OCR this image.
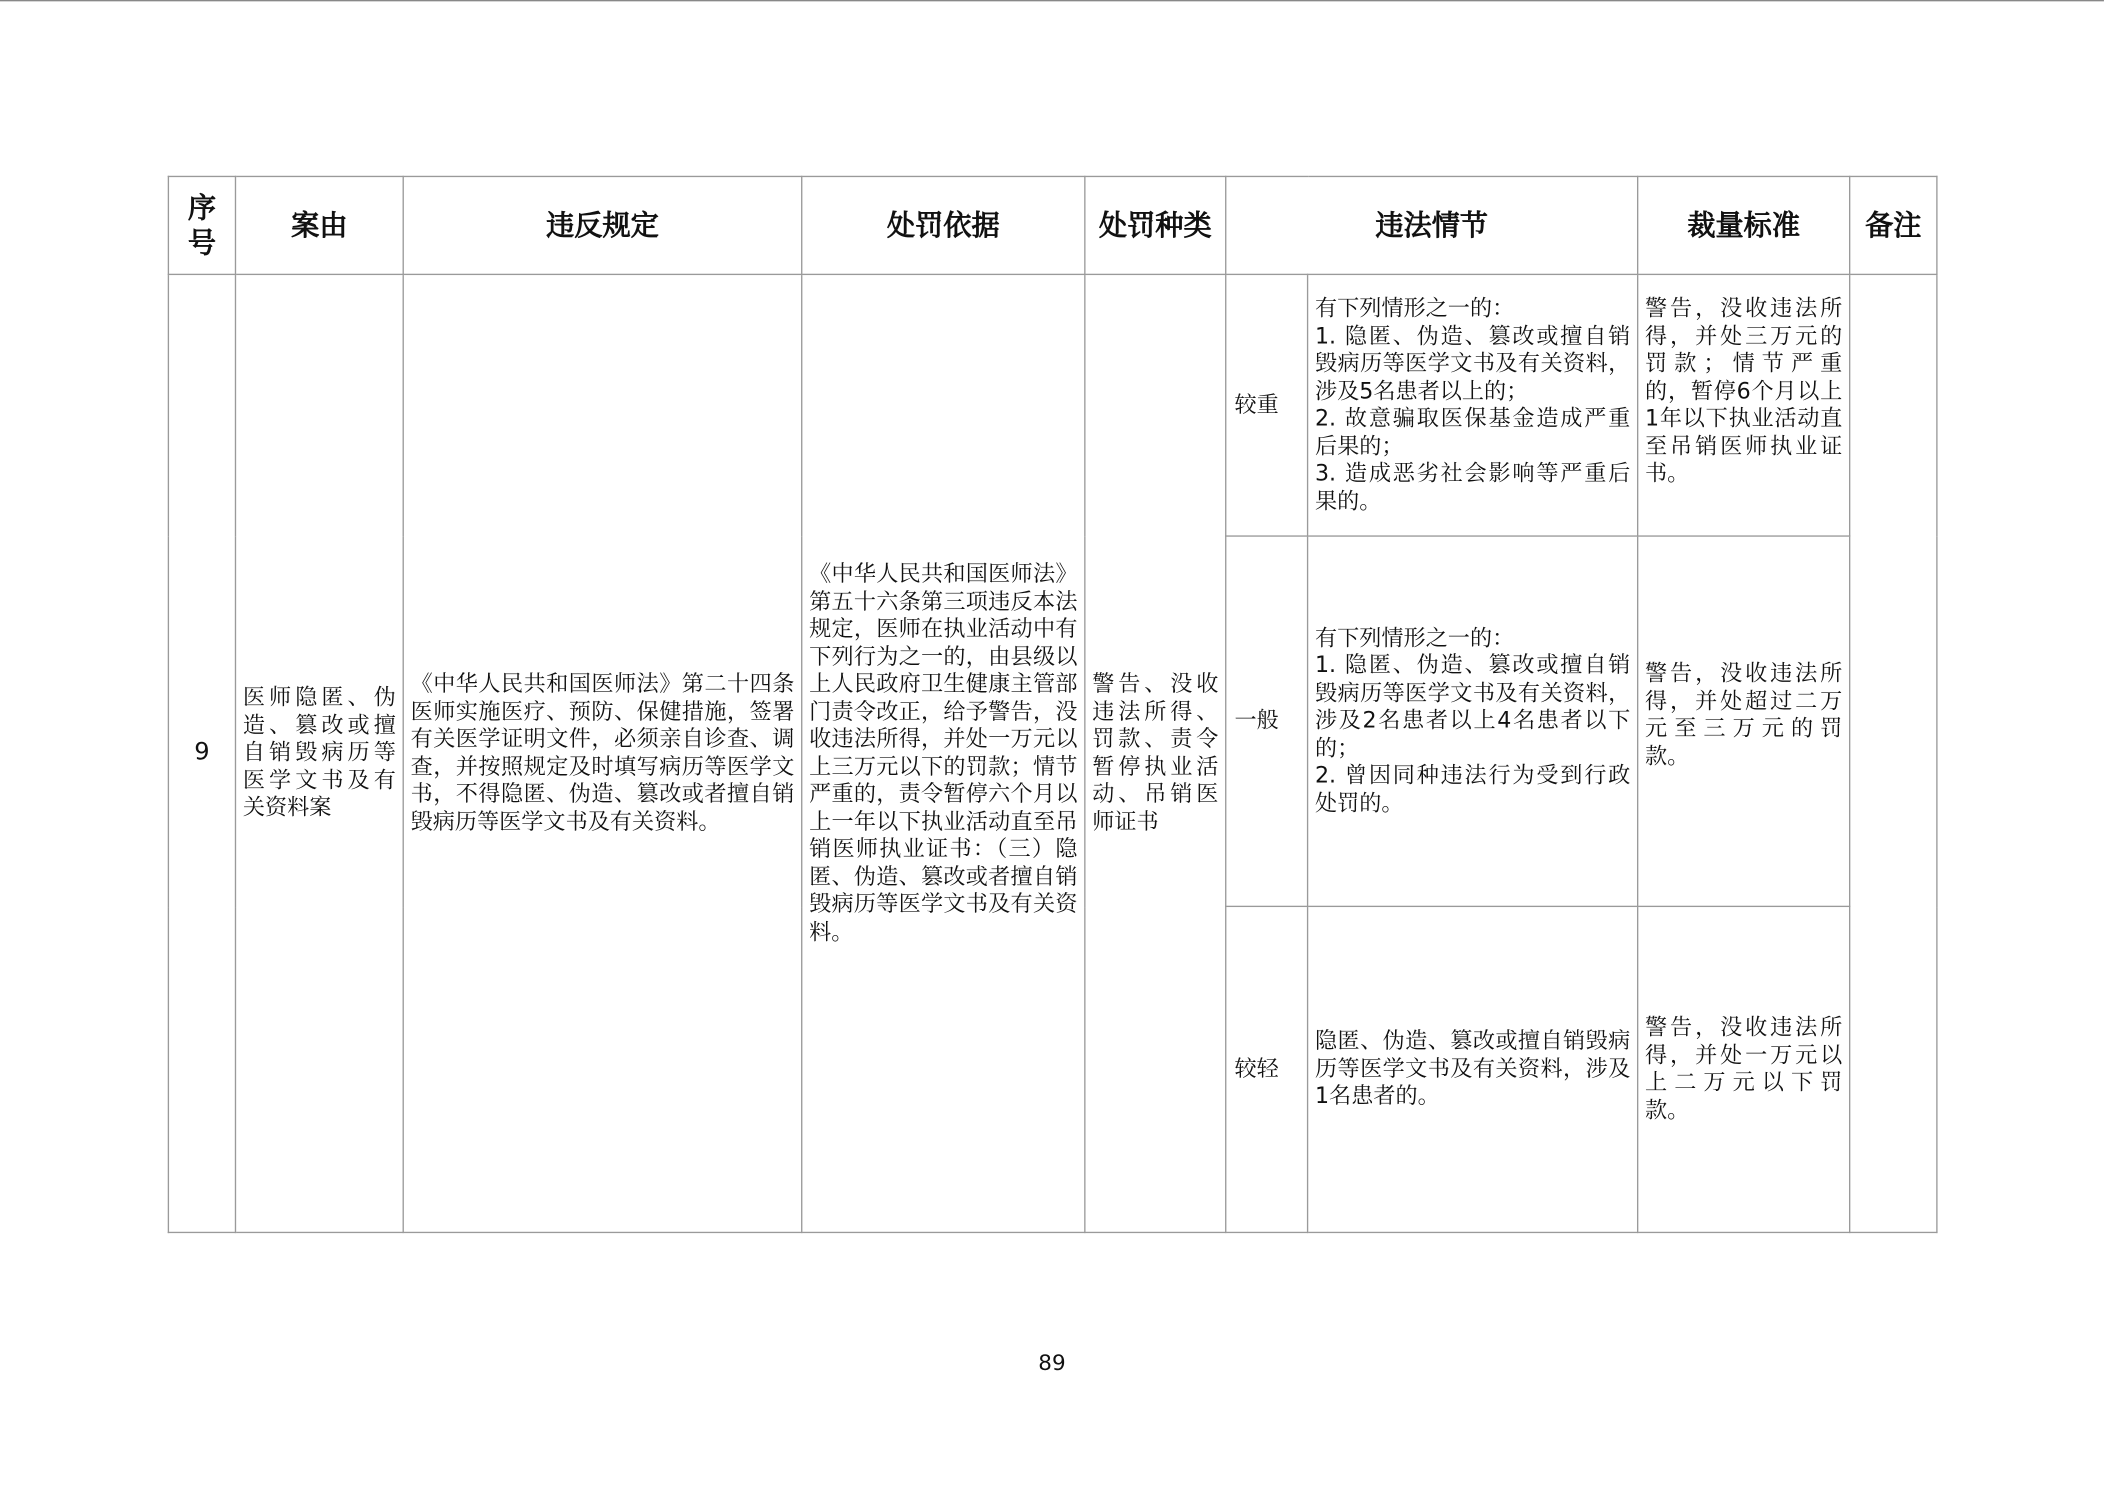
序
号	案由	违反规定	处罚依据	处罚种类	违法情节		裁量标准	备注
9	医师隐匿、伪造、篡改或擅自销毁病历等医学文书及有关资料案	《中华人民共和国医师法》第二十四条医师实施医疗、预防、保健措施，签署有关医学证明文件，必须亲自诊查、调查，并按照规定及时填写病历等医学文书，不得隐匿、伪造、篡改或者擅自销毁病历等医学文书及有关资料。	《中华人民共和国医师法》第五十六条第三项违反本法规定，医师在执业活动中有下列行为之一的，由县级以上人民政府卫生健康主管部门责令改正，给予警告，没收违法所得，并处一万元以上三万元以下的罚款；情节严重的，责令暂停六个月以上一年以下执业活动直至吊销医师执业证书：（三）隐匿、伪造、篡改或者擅自销毁病历等医学文书及有关资料。	警告、没收违法所得、罚款、责令暂停执业活动、吊销医师证书	较重	有下列情形之一的：
1. 隐匿、伪造、篡改或擅自销毁病历等医学文书及有关资料，涉及5名患者以上的；
2. 故意骗取医保基金造成严重后果的；
3. 造成恶劣社会影响等严重后果的。	警告，没收违法所得，并处三万元的罚款；情节严重的，暂停6个月以上1年以下执业活动直至吊销医师执业证书。	
					一般	有下列情形之一的：
1. 隐匿、伪造、篡改或擅自销毁病历等医学文书及有关资料，涉及2名患者以上4名患者以下的；
2. 曾因同种违法行为受到行政处罚的。	警告，没收违法所得，并处超过二万元至三万元的罚款。	
					较轻	隐匿、伪造、篡改或擅自销毁病历等医学文书及有关资料，涉及1名患者的。	警告，没收违法所得，并处一万元以上二万元以下罚款。	
89
